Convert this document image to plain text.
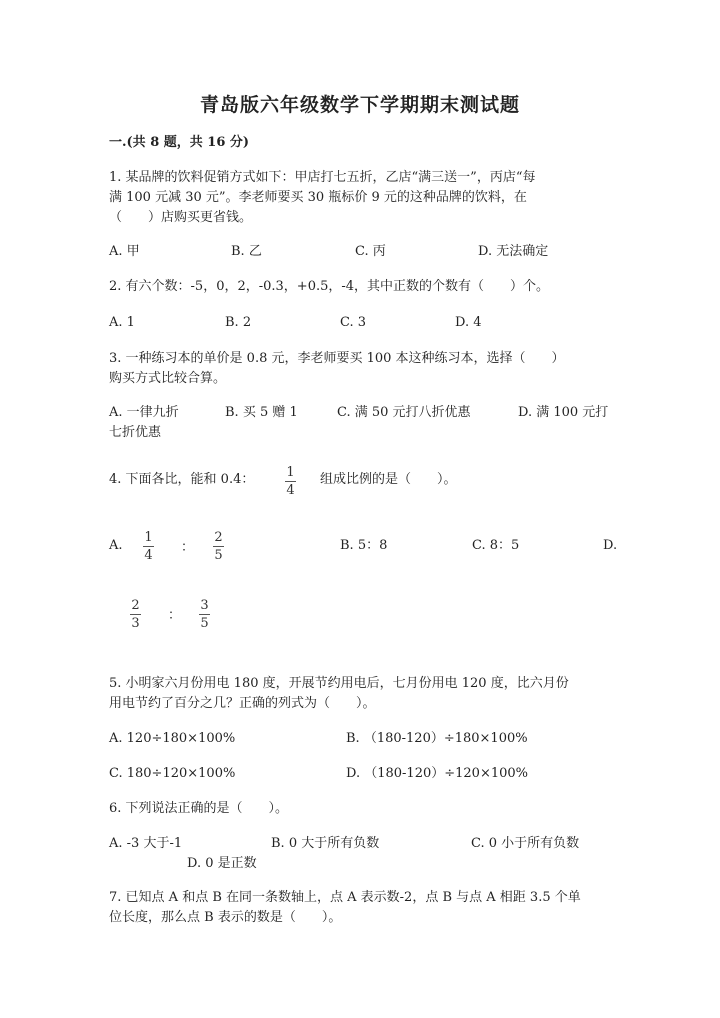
青岛版六年级数学下学期期末测试题
一.(共 8 题，共 16 分)
1. 某品牌的饮料促销方式如下：甲店打七五折，乙店“满三送一”，丙店“每
满 100 元减 30 元”。李老师要买 30 瓶标价 9 元的这种品牌的饮料，在
（　　）店购买更省钱。
A. 甲	B. 乙	C. 丙	D. 无法确定
2. 有六个数：-5，0，2，-0.3，+0.5，-4，其中正数的个数有（　　）个。
A. 1	B. 2	C. 3	D. 4
3. 一种练习本的单价是 0.8 元，李老师要买 100 本这种练习本，选择（　　）
购买方式比较合算。
A. 一律九折	B. 买 5 赠 1	C. 满 50 元打八折优惠	D. 满 100 元打
七折优惠
4. 下面各比，能和 0.4： 1
4
组成比例的是（　　）。
A.
1
4
：
2
5
B. 5：8	C. 8：5	D.
2
3
：
3
5
5. 小明家六月份用电 180 度，开展节约用电后，七月份用电 120 度，比六月份
用电节约了百分之几？正确的列式为（　　）。
A. 120÷180×100%	B. （180-120）÷180×100%
C. 180÷120×100%	D. （180-120）÷120×100%
6. 下列说法正确的是（　　）。
A. -3 大于-1	B. 0 大于所有负数	C. 0 小于所有负数
D. 0 是正数
7. 已知点 A 和点 B 在同一条数轴上，点 A 表示数-2，点 B 与点 A 相距 3.5 个单
位长度，那么点 B 表示的数是（　　）。
